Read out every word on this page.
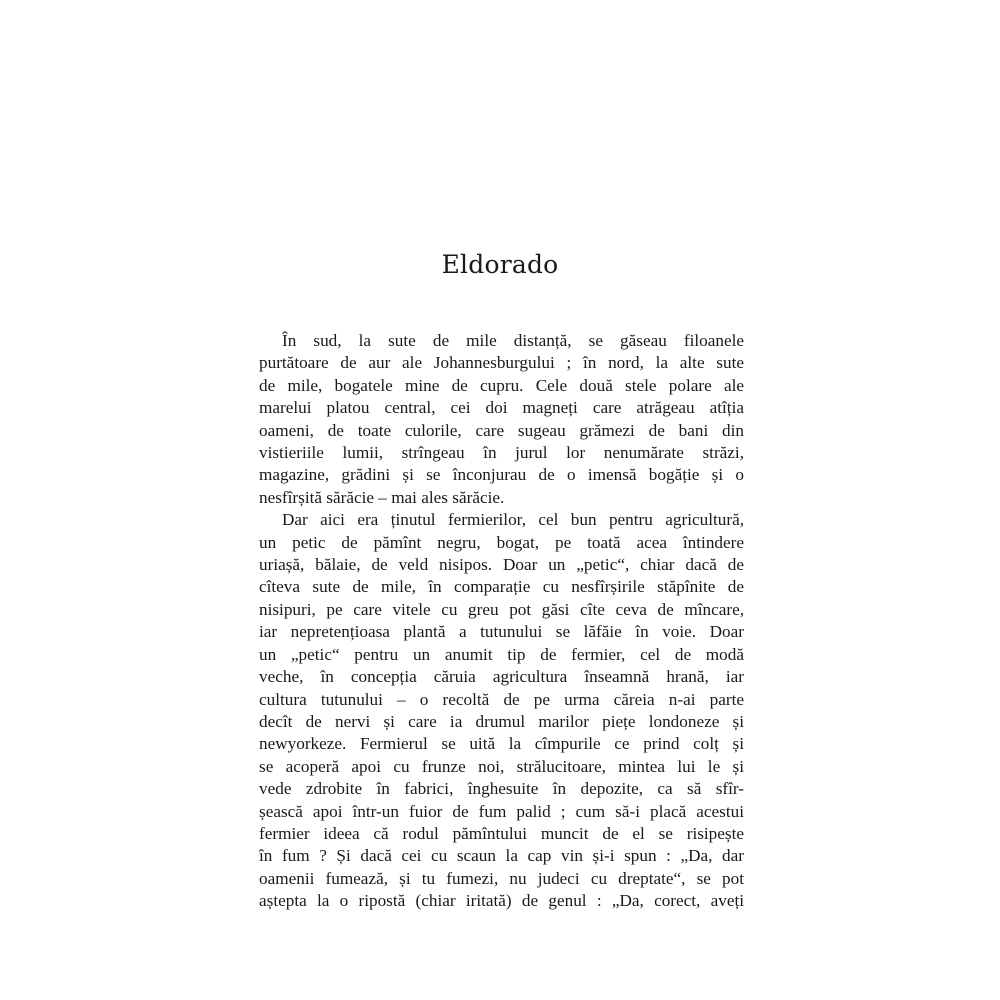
Eldorado
În sud, la sute de mile distanță, se găseau filoanele
purtătoare de aur ale Johannesburgului ; în nord, la alte sute
de mile, bogatele mine de cupru. Cele două stele polare ale
marelui platou central, cei doi magneți care atrăgeau atîția
oameni, de toate culorile, care sugeau grămezi de bani din
vistieriile lumii, strîngeau în jurul lor nenumărate străzi,
magazine, grădini și se înconjurau de o imensă bogăție și o
nesfîrșită sărăcie – mai ales sărăcie.
Dar aici era ținutul fermierilor, cel bun pentru agricultură,
un petic de pămînt negru, bogat, pe toată acea întindere
uriașă, bălaie, de veld nisipos. Doar un „petic“, chiar dacă de
cîteva sute de mile, în comparație cu nesfîrșirile stăpînite de
nisipuri, pe care vitele cu greu pot găsi cîte ceva de mîncare,
iar nepretențioasa plantă a tutunului se lăfăie în voie. Doar
un „petic“ pentru un anumit tip de fermier, cel de modă
veche, în concepția căruia agricultura înseamnă hrană, iar
cultura tutunului – o recoltă de pe urma căreia n-ai parte
decît de nervi și care ia drumul marilor piețe londoneze și
newyorkeze. Fermierul se uită la cîmpurile ce prind colț și
se acoperă apoi cu frunze noi, strălucitoare, mintea lui le și
vede zdrobite în fabrici, înghesuite în depozite, ca să sfîr-
șească apoi într-un fuior de fum palid ; cum să-i placă acestui
fermier ideea că rodul pămîntului muncit de el se risipește
în fum ? Și dacă cei cu scaun la cap vin și-i spun : „Da, dar
oamenii fumează, și tu fumezi, nu judeci cu dreptate“, se pot
aștepta la o ripostă (chiar iritată) de genul : „Da, corect, aveți
